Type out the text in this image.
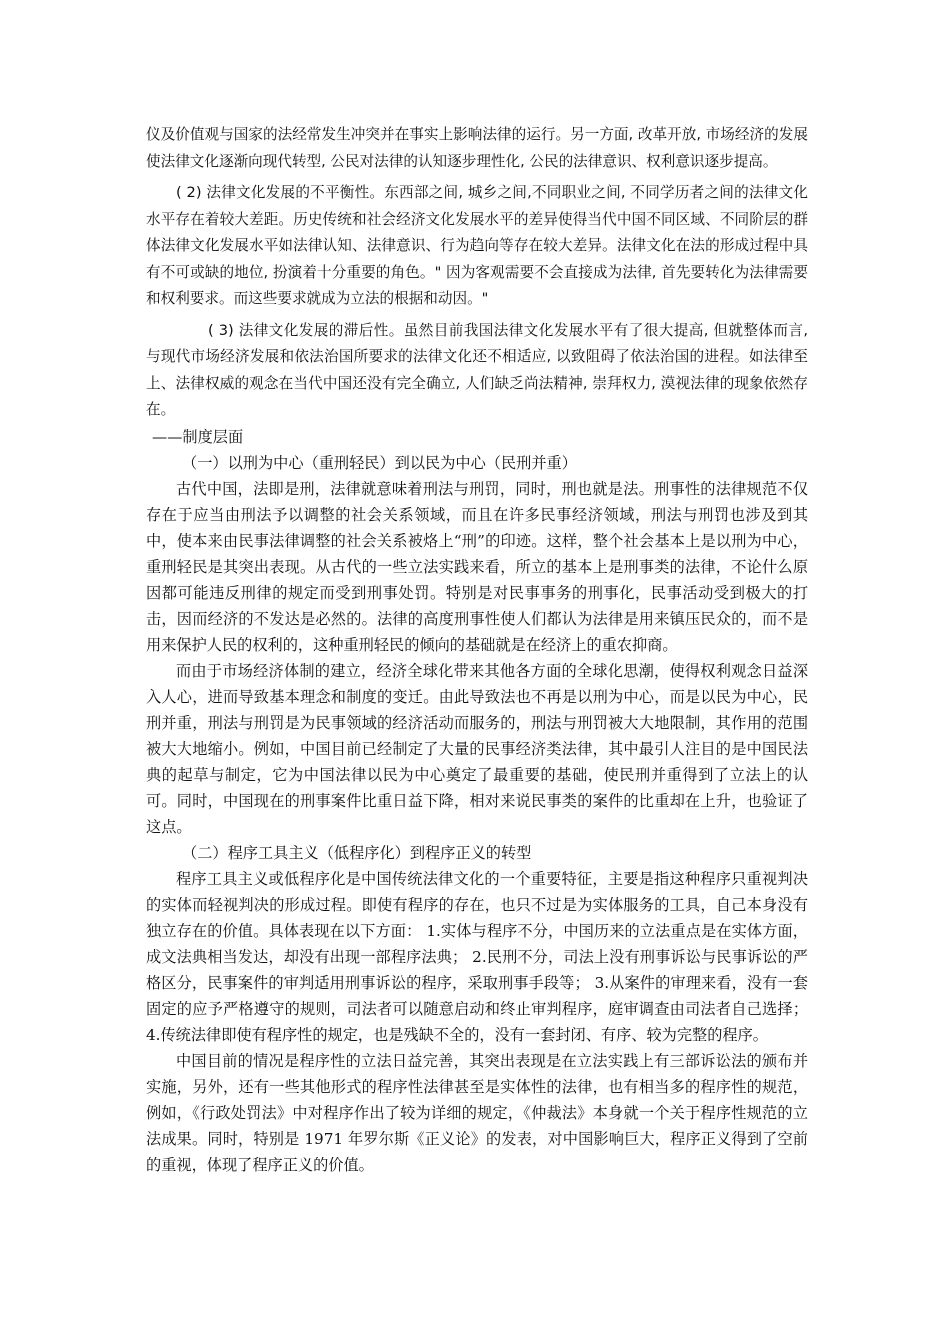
仪及价值观与国家的法经常发生冲突并在事实上影响法律的运行。另一方面, 改革开放, 市场经济的发展使法律文化逐渐向现代转型, 公民对法律的认知逐步理性化, 公民的法律意识、权利意识逐步提高。

( 2) 法律文化发展的不平衡性。东西部之间, 城乡之间,不同职业之间, 不同学历者之间的法律文化水平存在着较大差距。历史传统和社会经济文化发展水平的差异使得当代中国不同区域、不同阶层的群体法律文化发展水平如法律认知、法律意识、行为趋向等存在较大差异。法律文化在法的形成过程中具有不可或缺的地位, 扮演着十分重要的角色。" 因为客观需要不会直接成为法律, 首先要转化为法律需要和权利要求。而这些要求就成为立法的根据和动因。"

( 3) 法律文化发展的滞后性。虽然目前我国法律文化发展水平有了很大提高, 但就整体而言, 与现代市场经济发展和依法治国所要求的法律文化还不相适应, 以致阻碍了依法治国的进程。如法律至上、法律权威的观念在当代中国还没有完全确立, 人们缺乏尚法精神, 崇拜权力, 漠视法律的现象依然存在。

——制度层面

（一）以刑为中心（重刑轻民）到以民为中心（民刑并重）

古代中国，法即是刑，法律就意味着刑法与刑罚，同时，刑也就是法。刑事性的法律规范不仅存在于应当由刑法予以调整的社会关系领域，而且在许多民事经济领域，刑法与刑罚也涉及到其中，使本来由民事法律调整的社会关系被烙上“刑”的印迹。这样，整个社会基本上是以刑为中心，重刑轻民是其突出表现。从古代的一些立法实践来看，所立的基本上是刑事类的法律，不论什么原因都可能违反刑律的规定而受到刑事处罚。特别是对民事事务的刑事化，民事活动受到极大的打击，因而经济的不发达是必然的。法律的高度刑事性使人们都认为法律是用来镇压民众的，而不是用来保护人民的权利的，这种重刑轻民的倾向的基础就是在经济上的重农抑商。

而由于市场经济体制的建立，经济全球化带来其他各方面的全球化思潮，使得权利观念日益深入人心，进而导致基本理念和制度的变迁。由此导致法也不再是以刑为中心，而是以民为中心，民刑并重，刑法与刑罚是为民事领域的经济活动而服务的，刑法与刑罚被大大地限制，其作用的范围被大大地缩小。例如，中国目前已经制定了大量的民事经济类法律，其中最引人注目的是中国民法典的起草与制定，它为中国法律以民为中心奠定了最重要的基础，使民刑并重得到了立法上的认可。同时，中国现在的刑事案件比重日益下降，相对来说民事类的案件的比重却在上升，也验证了这点。

（二）程序工具主义（低程序化）到程序正义的转型

程序工具主义或低程序化是中国传统法律文化的一个重要特征，主要是指这种程序只重视判决的实体而轻视判决的形成过程。即使有程序的存在，也只不过是为实体服务的工具，自己本身没有独立存在的价值。具体表现在以下方面： 1.实体与程序不分，中国历来的立法重点是在实体方面，成文法典相当发达，却没有出现一部程序法典； 2.民刑不分，司法上没有刑事诉讼与民事诉讼的严格区分，民事案件的审判适用刑事诉讼的程序，采取刑事手段等； 3.从案件的审理来看，没有一套固定的应予严格遵守的规则，司法者可以随意启动和终止审判程序，庭审调查由司法者自己选择； 4.传统法律即使有程序性的规定，也是残缺不全的，没有一套封闭、有序、较为完整的程序。

中国目前的情况是程序性的立法日益完善，其突出表现是在立法实践上有三部诉讼法的颁布并实施，另外，还有一些其他形式的程序性法律甚至是实体性的法律，也有相当多的程序性的规范，例如，《行政处罚法》中对程序作出了较为详细的规定，《仲裁法》本身就一个关于程序性规范的立法成果。同时，特别是 1971 年罗尔斯《正义论》的发表，对中国影响巨大，程序正义得到了空前的重视，体现了程序正义的价值。
